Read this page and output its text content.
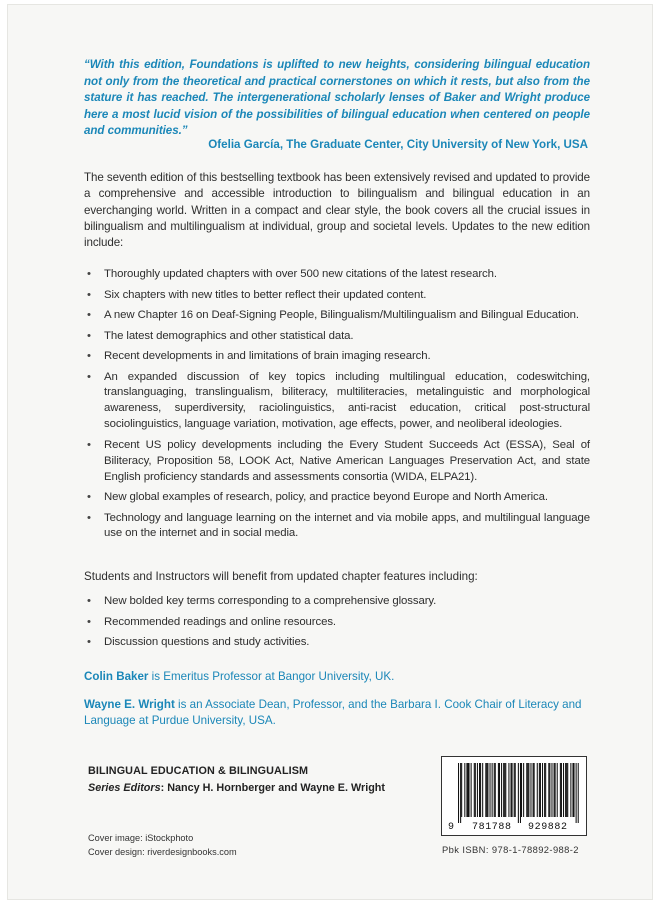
“With this edition, Foundations is uplifted to new heights, considering bilingual education not only from the theoretical and practical cornerstones on which it rests, but also from the stature it has reached. The intergenerational scholarly lenses of Baker and Wright produce here a most lucid vision of the possibilities of bilingual education when centered on people and communities.”
Ofelia García, The Graduate Center, City University of New York, USA
The seventh edition of this bestselling textbook has been extensively revised and updated to provide a comprehensive and accessible introduction to bilingualism and bilingual education in an everchanging world. Written in a compact and clear style, the book covers all the crucial issues in bilingualism and multilingualism at individual, group and societal levels. Updates to the new edition include:
• Thoroughly updated chapters with over 500 new citations of the latest research.
• Six chapters with new titles to better reflect their updated content.
• A new Chapter 16 on Deaf-Signing People, Bilingualism/Multilingualism and Bilingual Education.
• The latest demographics and other statistical data.
• Recent developments in and limitations of brain imaging research.
• An expanded discussion of key topics including multilingual education, codeswitching, translanguaging, translingualism, biliteracy, multiliteracies, metalinguistic and morphological awareness, superdiversity, raciolinguistics, anti-racist education, critical post-structural sociolinguistics, language variation, motivation, age effects, power, and neoliberal ideologies.
• Recent US policy developments including the Every Student Succeeds Act (ESSA), Seal of Biliteracy, Proposition 58, LOOK Act, Native American Languages Preservation Act, and state English proficiency standards and assessments consortia (WIDA, ELPA21).
• New global examples of research, policy, and practice beyond Europe and North America.
• Technology and language learning on the internet and via mobile apps, and multilingual language use on the internet and in social media.
Students and Instructors will benefit from updated chapter features including:
• New bolded key terms corresponding to a comprehensive glossary.
• Recommended readings and online resources.
• Discussion questions and study activities.
Colin Baker is Emeritus Professor at Bangor University, UK.
Wayne E. Wright is an Associate Dean, Professor, and the Barbara I. Cook Chair of Literacy and Language at Purdue University, USA.
BILINGUAL EDUCATION & BILINGUALISM
Series Editors: Nancy H. Hornberger and Wayne E. Wright
Cover image: iStockphoto
Cover design: riverdesignbooks.com
9 781788 929882
Pbk ISBN: 978-1-78892-988-2
